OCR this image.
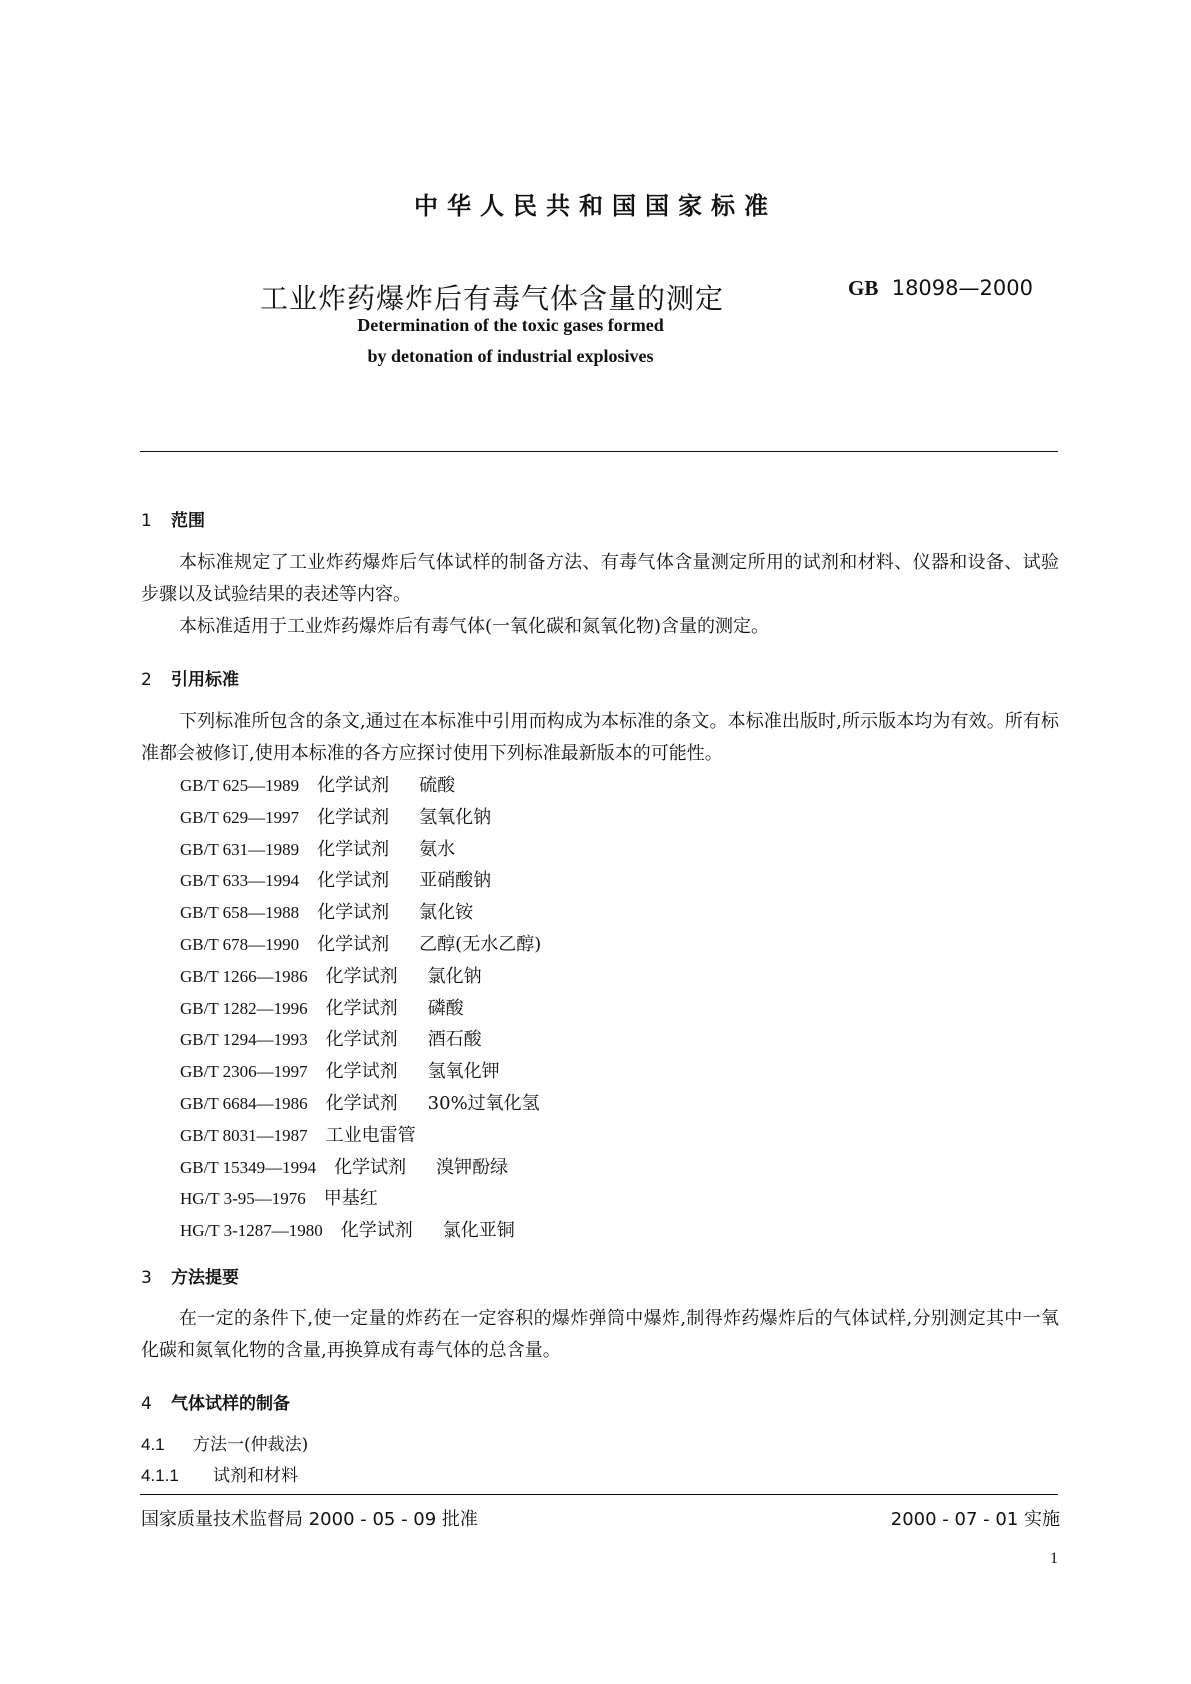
中华人民共和国国家标准
工业炸药爆炸后有毒气体含量的测定	GB 18098—2000
Determination of the toxic gases formed
by detonation of industrial explosives
1 范围

本标准规定了工业炸药爆炸后气体试样的制备方法、有毒气体含量测定所用的试剂和材料、仪器和设备、试验步骤以及试验结果的表述等内容。

本标准适用于工业炸药爆炸后有毒气体(一氧化碳和氮氧化物)含量的测定。

2 引用标准

下列标准所包含的条文,通过在本标准中引用而构成为本标准的条文。本标准出版时,所示版本均为有效。所有标准都会被修订,使用本标准的各方应探讨使用下列标准最新版本的可能性。

GB/T 625—1989 化学试剂 硫酸
GB/T 629—1997 化学试剂 氢氧化钠
GB/T 631—1989 化学试剂 氨水
GB/T 633—1994 化学试剂 亚硝酸钠
GB/T 658—1988 化学试剂 氯化铵
GB/T 678—1990 化学试剂 乙醇(无水乙醇)
GB/T 1266—1986 化学试剂 氯化钠
GB/T 1282—1996 化学试剂 磷酸
GB/T 1294—1993 化学试剂 酒石酸
GB/T 2306—1997 化学试剂 氢氧化钾
GB/T 6684—1986 化学试剂 30%过氧化氢
GB/T 8031—1987 工业电雷管
GB/T 15349—1994 化学试剂 溴钾酚绿
HG/T 3-95—1976 甲基红
HG/T 3-1287—1980 化学试剂 氯化亚铜
3 方法提要

在一定的条件下,使一定量的炸药在一定容积的爆炸弹筒中爆炸,制得炸药爆炸后的气体试样,分别测定其中一氧化碳和氮氧化物的含量,再换算成有毒气体的总含量。

4 气体试样的制备
4.1 方法一(仲裁法)
4.1.1 试剂和材料
国家质量技术监督局 2000 - 05 - 09 批准	2000 - 07 - 01 实施
1
